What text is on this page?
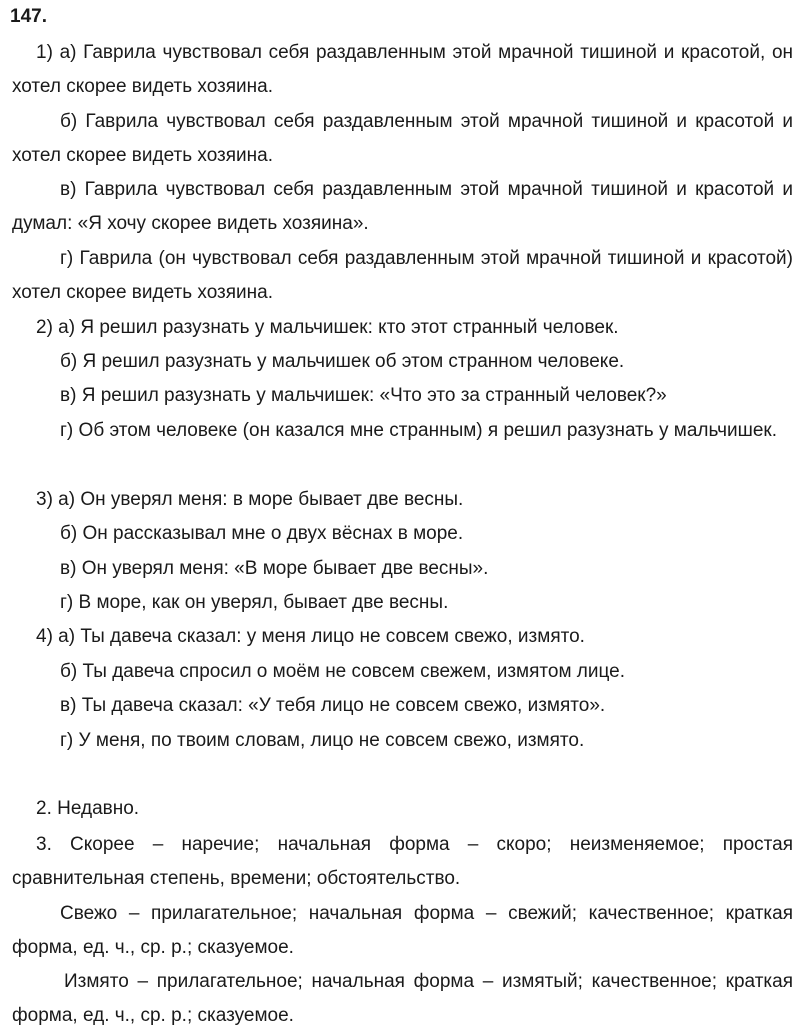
147.
1) а) Гаврила чувствовал себя раздавленным этой мрачной тишиной и красотой, он хотел скорее видеть хозяина.
б) Гаврила чувствовал себя раздавленным этой мрачной тишиной и красотой и хотел скорее видеть хозяина.
в) Гаврила чувствовал себя раздавленным этой мрачной тишиной и красотой и думал: «Я хочу скорее видеть хозяина».
г) Гаврила (он чувствовал себя раздавленным этой мрачной тишиной и красотой) хотел скорее видеть хозяина.
2) а) Я решил разузнать у мальчишек: кто этот странный человек.
б) Я решил разузнать у мальчишек об этом странном человеке.
в) Я решил разузнать у мальчишек: «Что это за странный человек?»
г) Об этом человеке (он казался мне странным) я решил разузнать у мальчишек.
3) а) Он уверял меня: в море бывает две весны.
б) Он рассказывал мне о двух вёснах в море.
в) Он уверял меня: «В море бывает две весны».
г) В море, как он уверял, бывает две весны.
4) а) Ты давеча сказал: у меня лицо не совсем свежо, измято.
б) Ты давеча спросил о моём не совсем свежем, измятом лице.
в) Ты давеча сказал: «У тебя лицо не совсем свежо, измято».
г) У меня, по твоим словам, лицо не совсем свежо, измято.
2. Недавно.
3. Скорее – наречие; начальная форма – скоро; неизменяемое; простая сравнительная степень, времени; обстоятельство.
Свежо – прилагательное; начальная форма – свежий; качественное; краткая форма, ед. ч., ср. р.; сказуемое.
Измято – прилагательное; начальная форма – измятый; качественное; краткая форма, ед. ч., ср. р.; сказуемое.
